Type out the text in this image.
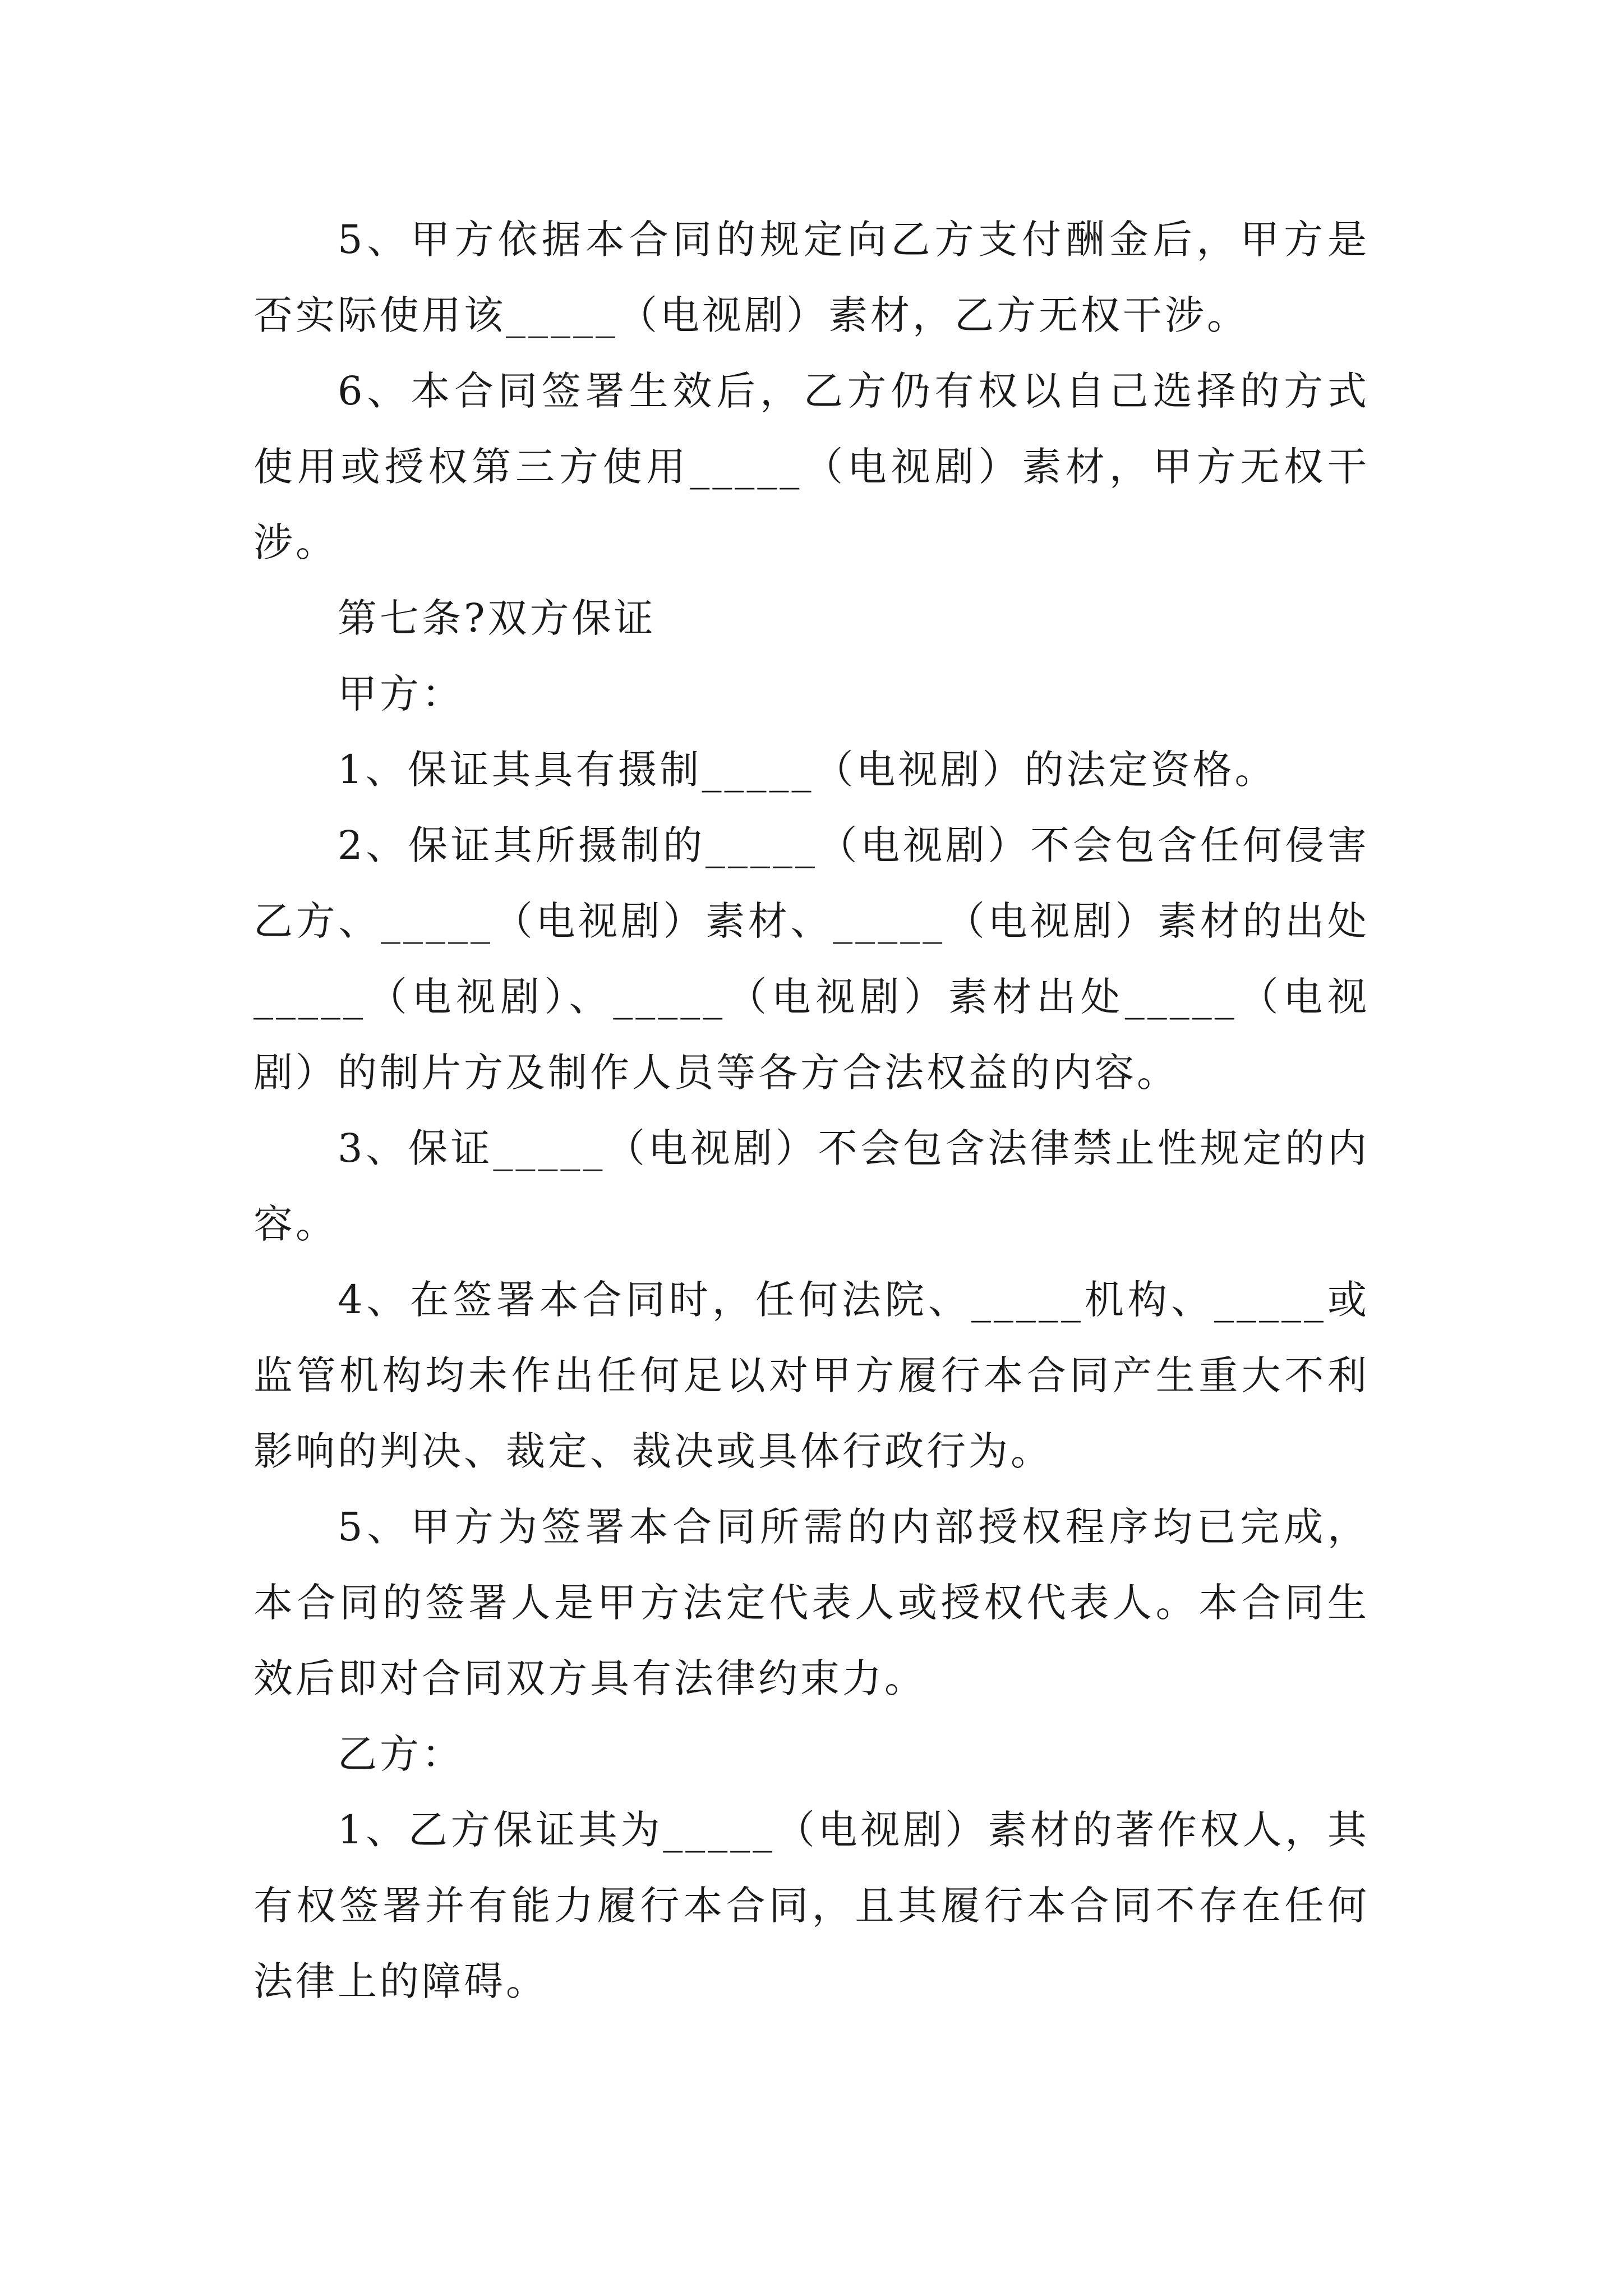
5、甲方依据本合同的规定向乙方支付酬金后，甲方是否实际使用该_____（电视剧）素材，乙方无权干涉。

6、本合同签署生效后，乙方仍有权以自己选择的方式使用或授权第三方使用_____（电视剧）素材，甲方无权干涉。

第七条?双方保证

甲方：

1、保证其具有摄制_____（电视剧）的法定资格。

2、保证其所摄制的_____（电视剧）不会包含任何侵害乙方、_____（电视剧）素材、_____（电视剧）素材的出处_____（电视剧）、_____（电视剧）素材出处_____（电视剧）的制片方及制作人员等各方合法权益的内容。

3、保证_____（电视剧）不会包含法律禁止性规定的内容。

4、在签署本合同时，任何法院、_____机构、_____或监管机构均未作出任何足以对甲方履行本合同产生重大不利影响的判决、裁定、裁决或具体行政行为。

5、甲方为签署本合同所需的内部授权程序均已完成，本合同的签署人是甲方法定代表人或授权代表人。本合同生效后即对合同双方具有法律约束力。

乙方：

1、乙方保证其为_____（电视剧）素材的著作权人，其有权签署并有能力履行本合同，且其履行本合同不存在任何法律上的障碍。
